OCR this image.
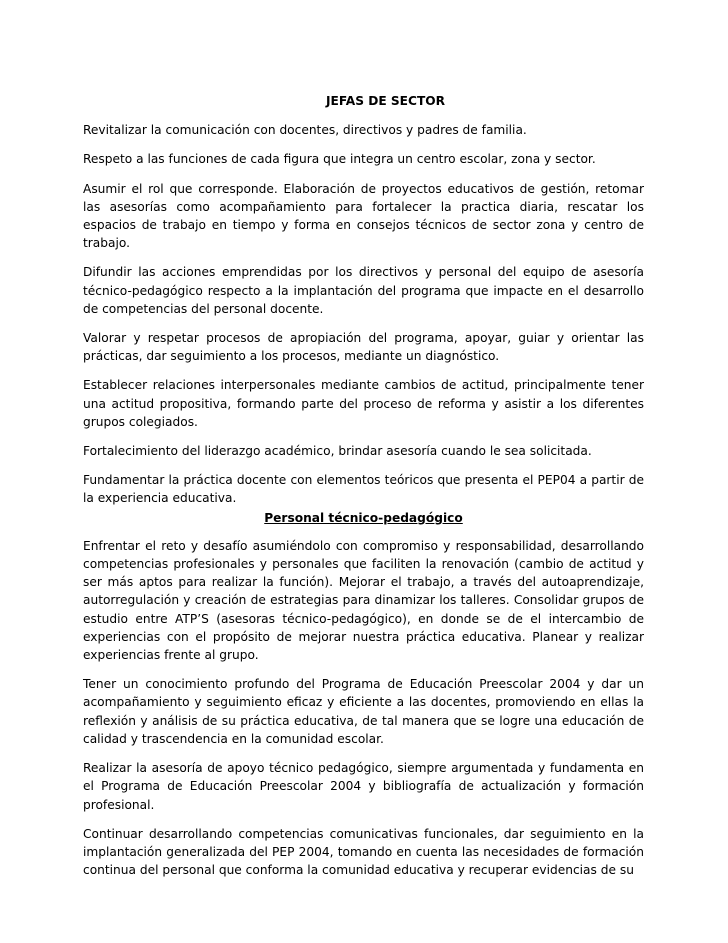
JEFAS DE SECTOR

Revitalizar la comunicación con docentes, directivos y padres de familia.

Respeto a las funciones de cada figura que integra un centro escolar, zona y sector.

Asumir el rol que corresponde. Elaboración de proyectos educativos de gestión, retomar las asesorías como acompañamiento para fortalecer la practica diaria, rescatar los espacios de trabajo en tiempo y forma en consejos técnicos de sector zona y centro de trabajo.

Difundir las acciones emprendidas por los directivos y personal del equipo de asesoría técnico-pedagógico respecto a la implantación del programa que impacte en el desarrollo de competencias del personal docente.

Valorar y respetar procesos de apropiación del programa, apoyar, guiar y orientar las prácticas, dar seguimiento a los procesos, mediante un diagnóstico.

Establecer relaciones interpersonales mediante cambios de actitud, principalmente tener una actitud propositiva, formando parte del proceso de reforma y asistir a los diferentes grupos colegiados.

Fortalecimiento del liderazgo académico, brindar asesoría cuando le sea solicitada.

Fundamentar la práctica docente con elementos teóricos que presenta el PEP04 a partir de la experiencia educativa.

Personal técnico-pedagógico

Enfrentar el reto y desafío asumiéndolo con compromiso y responsabilidad, desarrollando competencias profesionales y personales que faciliten la renovación (cambio de actitud y ser más aptos para realizar la función). Mejorar el trabajo, a través del autoaprendizaje, autorregulación y creación de estrategias para dinamizar los talleres. Consolidar grupos de estudio entre ATP’S (asesoras técnico-pedagógico), en donde se de el intercambio de experiencias con el propósito de mejorar nuestra práctica educativa. Planear y realizar experiencias frente al grupo.

Tener un conocimiento profundo del Programa de Educación Preescolar 2004 y dar un acompañamiento y seguimiento eficaz y eficiente a las docentes, promoviendo en ellas la reflexión y análisis de su práctica educativa, de tal manera que se logre una educación de calidad y trascendencia en la comunidad escolar.

Realizar la asesoría de apoyo técnico pedagógico, siempre argumentada y fundamenta en el Programa de Educación Preescolar 2004 y bibliografía de actualización y formación profesional.

Continuar desarrollando competencias comunicativas funcionales, dar seguimiento en la implantación generalizada del PEP 2004, tomando en cuenta las necesidades de formación continua del personal que conforma la comunidad educativa y recuperar evidencias de su
